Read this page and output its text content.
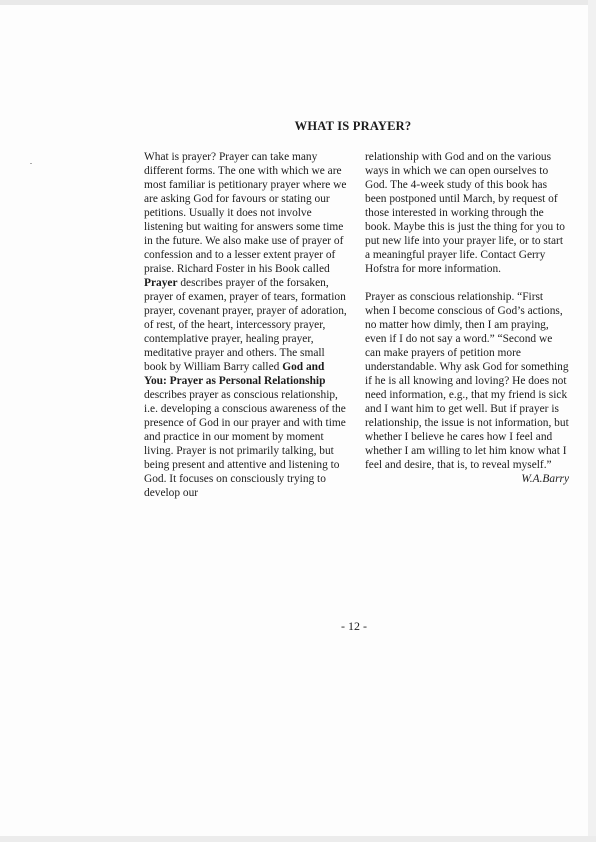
WHAT IS PRAYER?

What is prayer? Prayer can take many different forms. The one with which we are most familiar is petitionary prayer where we are asking God for favours or stating our petitions. Usually it does not involve listening but waiting for answers some time in the future. We also make use of prayer of confession and to a lesser extent prayer of praise. Richard Foster in his Book called Prayer describes prayer of the forsaken, prayer of examen, prayer of tears, formation prayer, covenant prayer, prayer of adoration, of rest, of the heart, intercessory prayer, contemplative prayer, healing prayer, meditative prayer and others. The small book by William Barry called God and You: Prayer as Personal Relationship describes prayer as conscious relationship, i.e. developing a conscious awareness of the presence of God in our prayer and with time and practice in our moment by moment living. Prayer is not primarily talking, but being present and attentive and listening to God. It focuses on consciously trying to develop our

relationship with God and on the various ways in which we can open ourselves to God. The 4-week study of this book has been postponed until March, by request of those interested in working through the book. Maybe this is just the thing for you to put new life into your prayer life, or to start a meaningful prayer life. Contact Gerry Hofstra for more information.

Prayer as conscious relationship. “First when I become conscious of God’s actions, no matter how dimly, then I am praying, even if I do not say a word.” “Second we can make prayers of petition more understandable. Why ask God for something if he is all knowing and loving? He does not need information, e.g., that my friend is sick and I want him to get well. But if prayer is relationship, the issue is not information, but whether I believe he cares how I feel and whether I am willing to let him know what I feel and desire, that is, to reveal myself.”

W.A.Barry

- 12 -
